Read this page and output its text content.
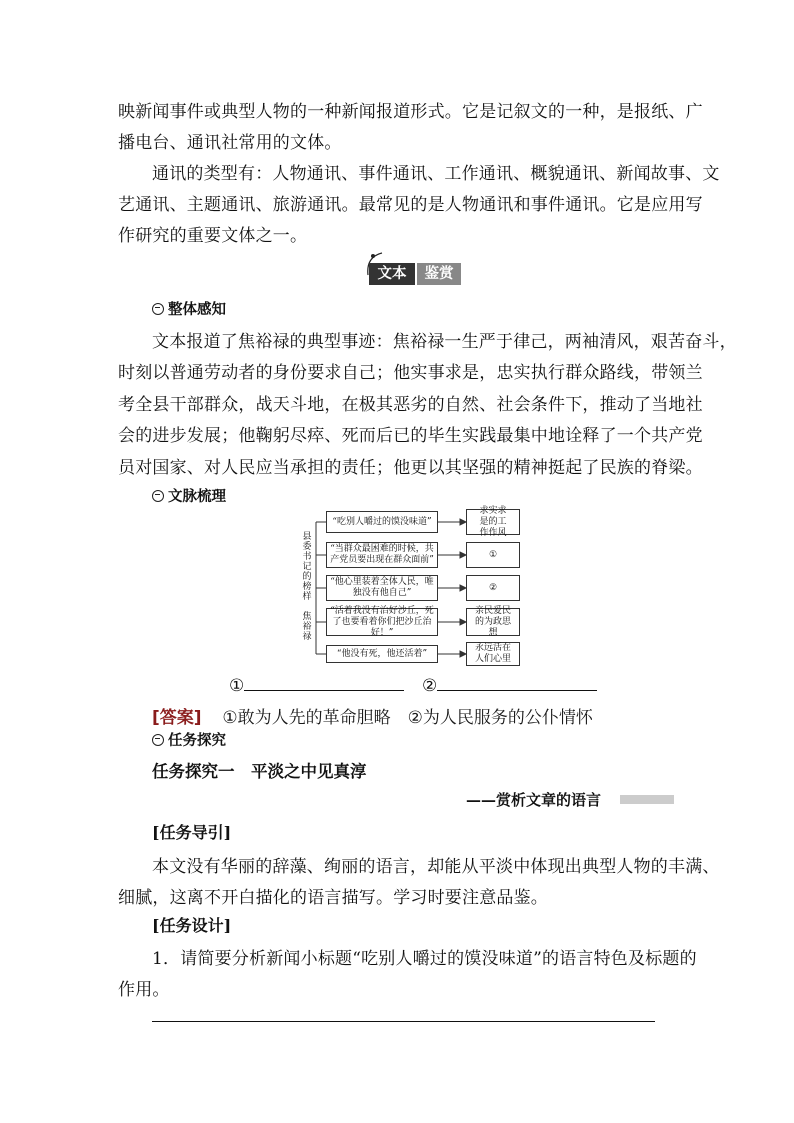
映新闻事件或典型人物的一种新闻报道形式。它是记叙文的一种，是报纸、广
播电台、通讯社常用的文体。
通讯的类型有：人物通讯、事件通讯、工作通讯、概貌通讯、新闻故事、文
艺通讯、主题通讯、旅游通讯。最常见的是人物通讯和事件通讯。它是应用写
作研究的重要文体之一。
文本	鉴赏
整体感知
文本报道了焦裕禄的典型事迹：焦裕禄一生严于律己，两袖清风，艰苦奋斗，
时刻以普通劳动者的身份要求自己；他实事求是，忠实执行群众路线，带领兰
考全县干部群众，战天斗地，在极其恶劣的自然、社会条件下，推动了当地社
会的进步发展；他鞠躬尽瘁、死而后已的毕生实践最集中地诠释了一个共产党
员对国家、对人民应当承担的责任；他更以其坚强的精神挺起了民族的脊梁。
文脉梳理
县委书记的榜样
焦裕禄
“吃别人嚼过的馍没味道”
求实求是的工作作风
“当群众最困难的时候，共产党员要出现在群众面前”
①
“他心里装着全体人民，唯独没有他自己”
②
“活着我没有治好沙丘，死了也要看着你们把沙丘治好！”
亲民爱民的为政思想
“他没有死，他还活着”
永远活在人们心里
①	②
[答案] ①敢为人先的革命胆略　②为人民服务的公仆情怀
任务探究
任务探究一　平淡之中见真淳
——赏析文章的语言
[任务导引]
本文没有华丽的辞藻、绚丽的语言，却能从平淡中体现出典型人物的丰满、
细腻，这离不开白描化的语言描写。学习时要注意品鉴。
[任务设计]
1．请简要分析新闻小标题“吃别人嚼过的馍没味道”的语言特色及标题的
作用。
